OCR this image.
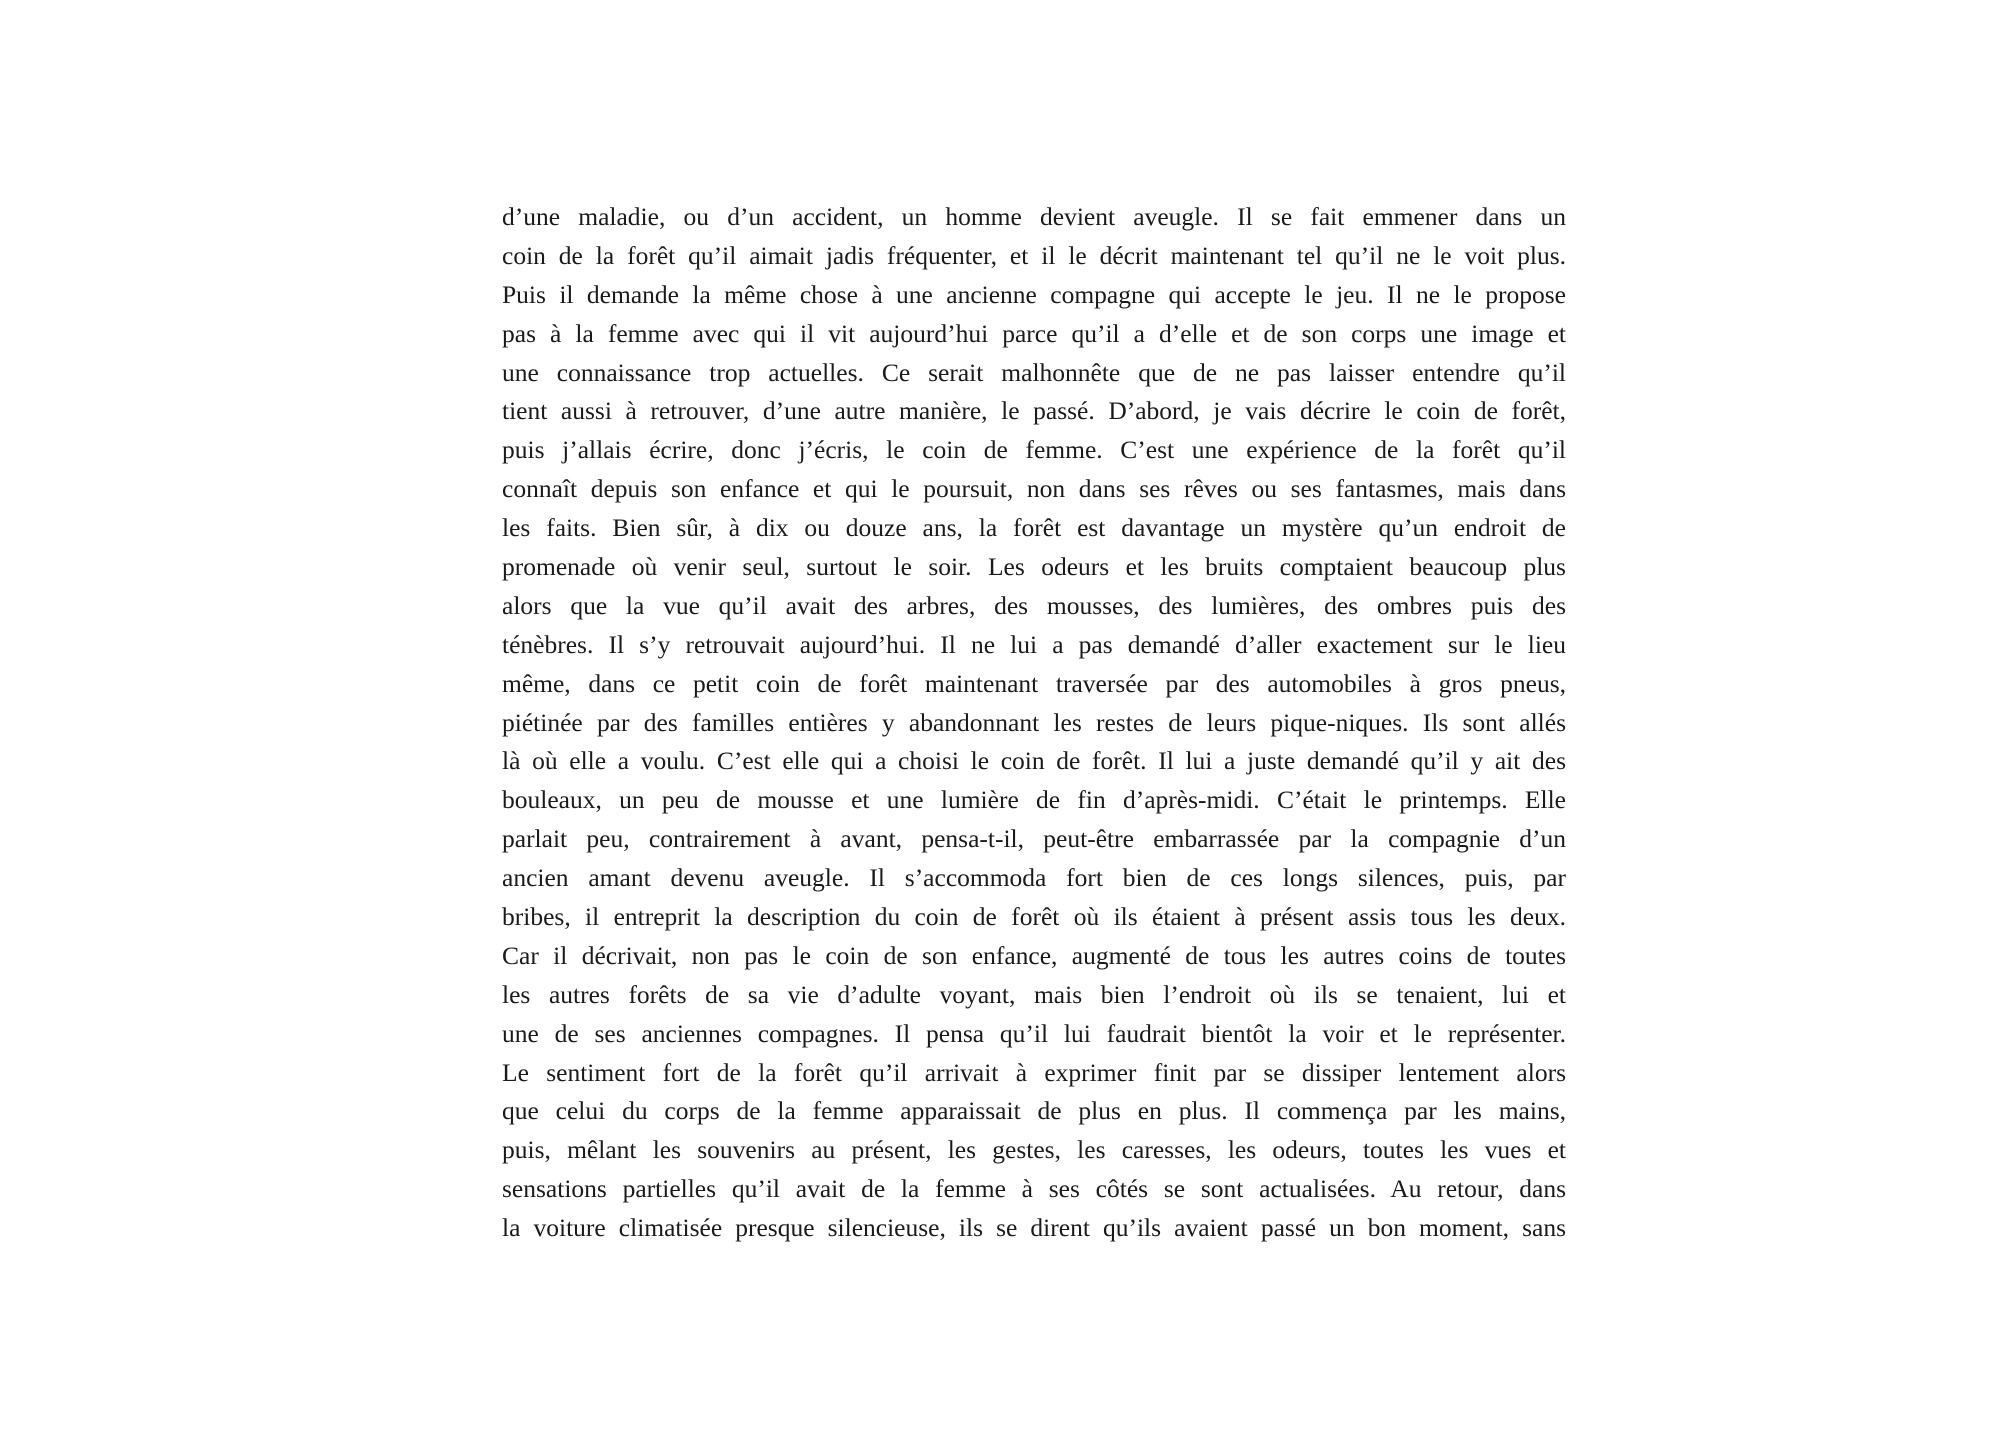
d’une maladie, ou d’un accident, un homme devient aveugle. Il se fait emmener dans un
coin de la forêt qu’il aimait jadis fréquenter, et il le décrit maintenant tel qu’il ne le voit plus.
Puis il demande la même chose à une ancienne compagne qui accepte le jeu. Il ne le propose
pas à la femme avec qui il vit aujourd’hui parce qu’il a d’elle et de son corps une image et
une connaissance trop actuelles. Ce serait malhonnête que de ne pas laisser entendre qu’il
tient aussi à retrouver, d’une autre manière, le passé. D’abord, je vais décrire le coin de forêt,
puis j’allais écrire, donc j’écris, le coin de femme. C’est une expérience de la forêt qu’il
connaît depuis son enfance et qui le poursuit, non dans ses rêves ou ses fantasmes, mais dans
les faits. Bien sûr, à dix ou douze ans, la forêt est davantage un mystère qu’un endroit de
promenade où venir seul, surtout le soir. Les odeurs et les bruits comptaient beaucoup plus
alors que la vue qu’il avait des arbres, des mousses, des lumières, des ombres puis des
ténèbres. Il s’y retrouvait aujourd’hui. Il ne lui a pas demandé d’aller exactement sur le lieu
même, dans ce petit coin de forêt maintenant traversée par des automobiles à gros pneus,
piétinée par des familles entières y abandonnant les restes de leurs pique-niques. Ils sont allés
là où elle a voulu. C’est elle qui a choisi le coin de forêt. Il lui a juste demandé qu’il y ait des
bouleaux, un peu de mousse et une lumière de fin d’après-midi. C’était le printemps. Elle
parlait peu, contrairement à avant, pensa-t-il, peut-être embarrassée par la compagnie d’un
ancien amant devenu aveugle. Il s’accommoda fort bien de ces longs silences, puis, par
bribes, il entreprit la description du coin de forêt où ils étaient à présent assis tous les deux.
Car il décrivait, non pas le coin de son enfance, augmenté de tous les autres coins de toutes
les autres forêts de sa vie d’adulte voyant, mais bien l’endroit où ils se tenaient, lui et
une de ses anciennes compagnes. Il pensa qu’il lui faudrait bientôt la voir et le représenter.
Le sentiment fort de la forêt qu’il arrivait à exprimer finit par se dissiper lentement alors
que celui du corps de la femme apparaissait de plus en plus. Il commença par les mains,
puis, mêlant les souvenirs au présent, les gestes, les caresses, les odeurs, toutes les vues et
sensations partielles qu’il avait de la femme à ses côtés se sont actualisées. Au retour, dans
la voiture climatisée presque silencieuse, ils se dirent qu’ils avaient passé un bon moment, sans
